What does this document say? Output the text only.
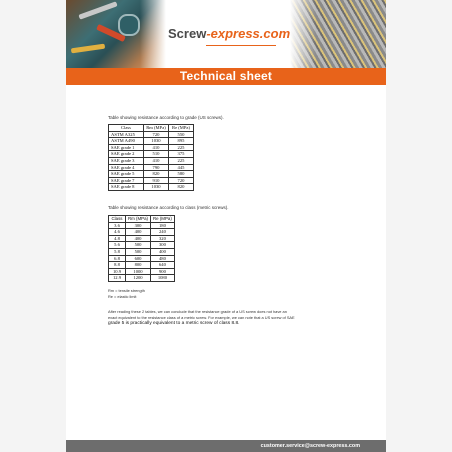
Screw-express.com
Technical sheet
Table showing resistance according to grade (US screws).
Class	Rm (MPa)	Re (MPa)
ASTM A325	720	550
ASTM A490	1030	895
SAE grade 1	410	225
SAE grade 2	510	375
SAE grade 3	410	225
SAE grade 4	790	445
SAE grade 5	820	580
SAE grade 7	910	720
SAE grade 8	1030	820
Table showing resistance according to class (metric screws).
Class	Rm (MPa)	Re (MPa)
3.6	300	180
4.6	400	240
4.8	400	320
5.6	500	300
5.8	500	400
6.8	600	480
8.8	800	640
10.9	1000	900
12.9	1200	1080
Rm = tensile strength
Re = elastic limit
After reading these 2 tables, we can conclude that the resistance grade of a US screw does not have an
exact equivalent to the resistance class of a metric screw. For example, we can note that a US screw of SAE
grade 5 is practically equivalent to a metric screw of class 8.8.
customer.service@screw-express.com
